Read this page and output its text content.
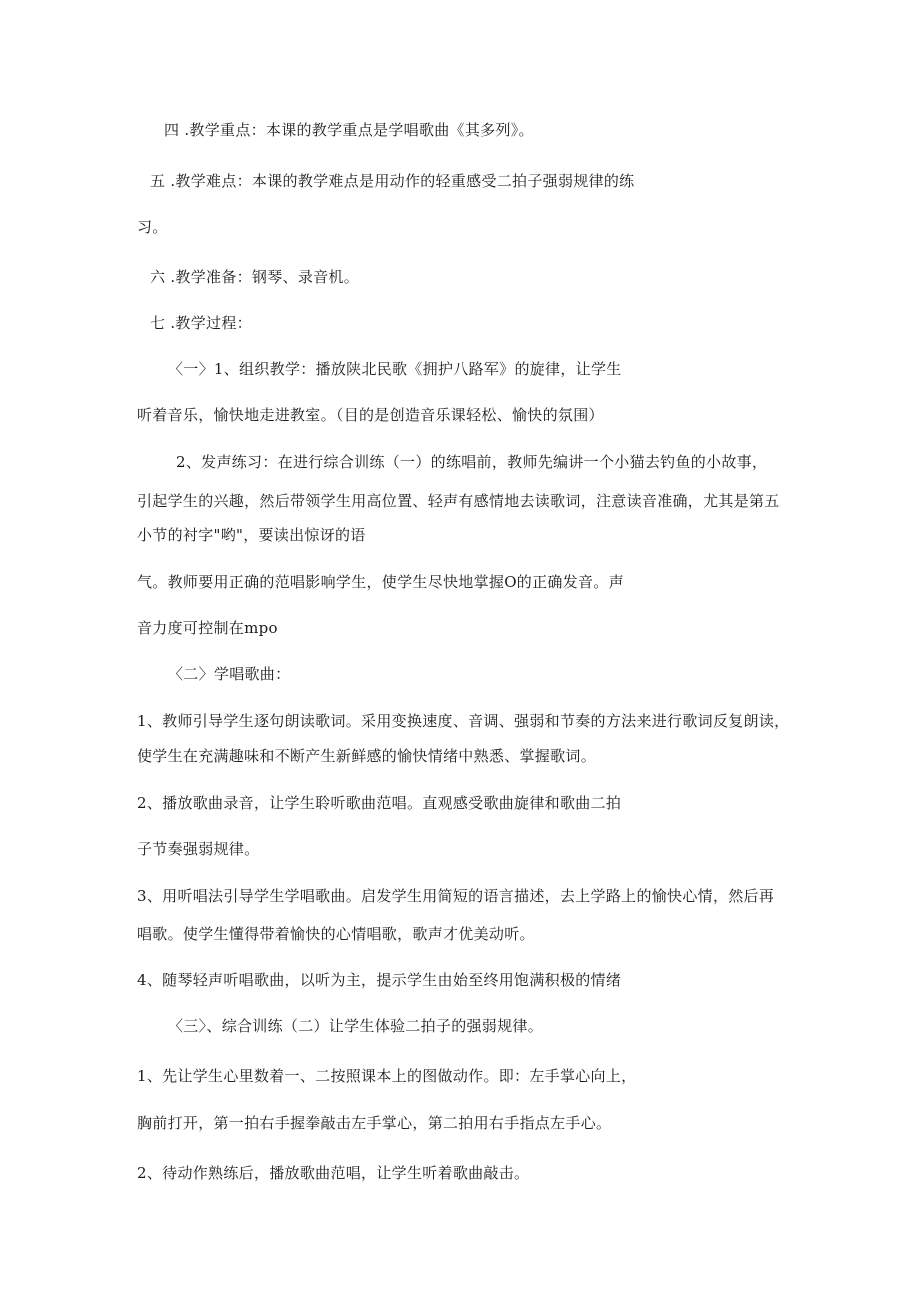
四 .教学重点：本课的教学重点是学唱歌曲《其多列》。
五 .教学难点：本课的教学难点是用动作的轻重感受二拍子强弱规律的练
习。
六 .教学准备：钢琴、录音机。
七 .教学过程：
〈一〉1、组织教学：播放陕北民歌《拥护八路军》的旋律，让学生
听着音乐，愉快地走进教室。（目的是创造音乐课轻松、愉快的氛围）
2、发声练习：在进行综合训练（一）的练唱前，教师先编讲一个小猫去钓鱼的小故事，
引起学生的兴趣，然后带领学生用高位置、轻声有感情地去读歌词，注意读音准确，尤其是第五
小节的衬字"哟"，要读出惊讶的语
气。教师要用正确的范唱影响学生，使学生尽快地掌握O的正确发音。声
音力度可控制在mpo
〈二〉学唱歌曲：
1、教师引导学生逐句朗读歌词。采用变换速度、音调、强弱和节奏的方法来进行歌词反复朗读，
使学生在充满趣味和不断产生新鲜感的愉快情绪中熟悉、掌握歌词。
2、播放歌曲录音，让学生聆听歌曲范唱。直观感受歌曲旋律和歌曲二拍
子节奏强弱规律。
3、用听唱法引导学生学唱歌曲。启发学生用简短的语言描述，去上学路上的愉快心情，然后再
唱歌。使学生懂得带着愉快的心情唱歌，歌声才优美动听。
4、随琴轻声听唱歌曲，以听为主，提示学生由始至终用饱满积极的情绪
〈三〉、综合训练（二）让学生体验二拍子的强弱规律。
1、先让学生心里数着一、二按照课本上的图做动作。即：左手掌心向上，
胸前打开，第一拍右手握拳敲击左手掌心，第二拍用右手指点左手心。
2、待动作熟练后，播放歌曲范唱，让学生听着歌曲敲击。
